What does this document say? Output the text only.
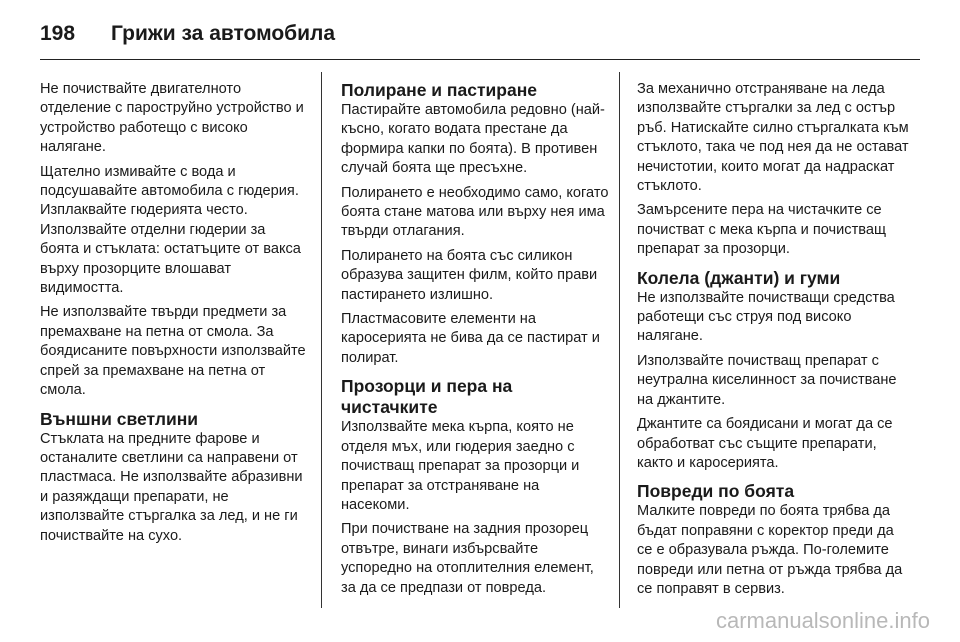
198 Грижи за автомобила

Не почиствайте двигателното отделение с пароструйно устройство и устройство работещо с високо налягане.

Щателно измивайте с вода и подсушавайте автомобила с гюдерия. Изплаквайте гюдерията често. Използвайте отделни гюдерии за боята и стъклата: остатъците от вакса върху прозорците влошават видимостта.

Не използвайте твърди предмети за премахване на петна от смола. За боядисаните повърхности използвайте спрей за премахване на петна от смола.

Външни светлини

Стъклата на предните фарове и останалите светлини са направени от пластмаса. Не използвайте абразивни и разяждащи препарати, не използвайте стъргалка за лед, и не ги почиствайте на сухо.

Полиране и пастиране

Пастирайте автомобила редовно (най-късно, когато водата престане да формира капки по боята). В противен случай боята ще пресъхне.

Полирането е необходимо само, когато боята стане матова или върху нея има твърди отлагания.

Полирането на боята със силикон образува защитен филм, който прави пастирането излишно.

Пластмасовите елементи на каросерията не бива да се пастират и полират.

Прозорци и пера на чистачките

Използвайте мека кърпа, която не отделя мъх, или гюдерия заедно с почистващ препарат за прозорци и препарат за отстраняване на насекоми.

При почистване на задния прозорец отвътре, винаги избърсвайте успоредно на отоплителния елемент, за да се предпази от повреда.

За механично отстраняване на леда използвайте стъргалки за лед с остър ръб. Натискайте силно стъргалката към стъклото, така че под нея да не остават нечистотии, които могат да надраскат стъклото.

Замърсените пера на чистачките се почистват с мека кърпа и почистващ препарат за прозорци.

Колела (джанти) и гуми

Не използвайте почистващи средства работещи със струя под високо налягане.

Използвайте почистващ препарат с неутрална киселинност за почистване на джантите.

Джантите са боядисани и могат да се обработват със същите препарати, както и каросерията.

Повреди по боята

Малките повреди по боята трябва да бъдат поправяни с коректор преди да се е образувала ръжда. По-големите повреди или петна от ръжда трябва да се поправят в сервиз.

carmanualsonline.info
